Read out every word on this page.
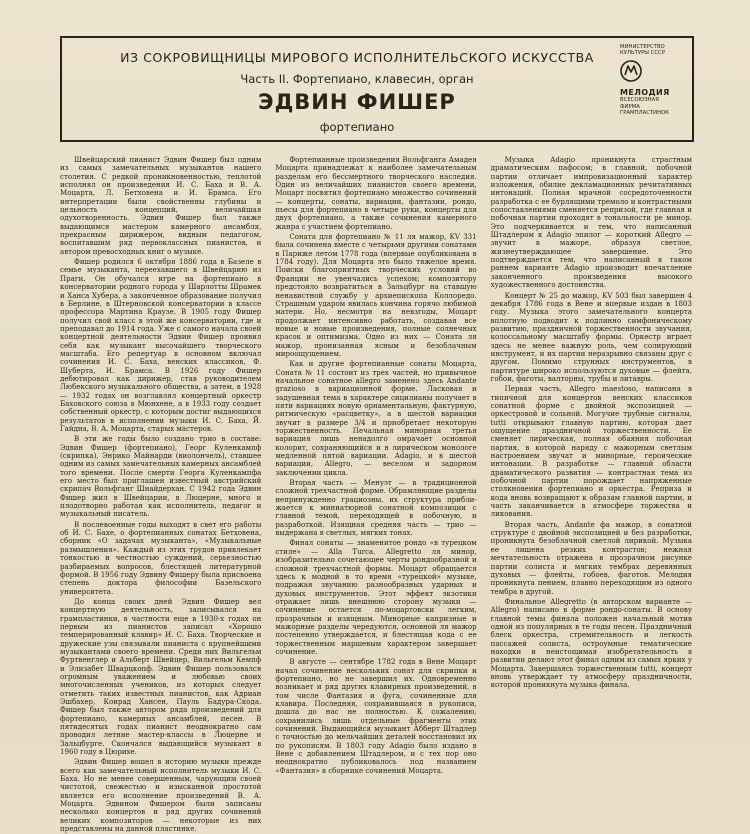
ИЗ СОКРОВИЩНИЦЫ МИРОВОГО ИСПОЛНИТЕЛЬСКОГО ИСКУССТВА
Часть II. Фортепиано, клавесин, орган
ЭДВИН ФИШЕР
фортепиано
МИНИСТЕРСТВО
КУЛЬТУРЫ СССР
МЕЛОДИЯ
ВСЕСОЮЗНАЯ
ФИРМА
ГРАМПЛАСТИНОК

Швейцарский пианист Эдвин Фишер был одним из самых замечательных музыкантов нашего столетия. С редкой проникновенностью, теплотой исполнял он произведения И. С. Баха и В. А. Моцарта, Л. Бетховена и И. Брамса. Его интерпретации были свойственны глубины и цельность концепций, величайшая одухотворенность. Эдвин Фишер был также выдающимся мастером камерного ансамбля, прекрасным дирижером, видным педагогом, воспитавшим ряд первоклассных пианистов, и автором превосходных книг о музыке.

Фишер родился 6 октября 1886 года в Базеле в семье музыканта, переехавшего в Швейцарию из Праги. Он обучался игре на фортепиано в консерватории родного города у Шарлотты Шрамек и Ханса Хубера, а законченное образование получил в Берлине, в Штерновской консерватории в классе профессора Мартина Краузе. В 1905 году Фишер получил свой класс в этой же консерватории, где и преподавал до 1914 года. Уже с самого начала своей концертной деятельности Эдвин Фишер проявил себя как музыкант высочайшего творческого масштаба. Его репертуар в основном включал сочинения И. С. Баха, венских классиков, Ф. Шуберта, И. Брамса. В 1926 году Фишер дебютировал как дирижер, став руководителем Любекского музыкального общества, а затем, в 1928 — 1932 годах он возглавлял концертный оркестр Баховского союза в Мюнхене, а в 1933 году создает собственный оркестр, с которым достиг выдающихся результатов в исполнении музыки И. С. Баха, Й. Гайдна, В. А. Моцарта, старых мастеров.

В эти же годы было создано трио в составе: Эдвин Фишер (фортепиано), Георг Куленкампф (скрипка), Энрико Майнарди (виолончель), ставшее одним из самых замечательных камерных ансамблей того времени. После смерти Георга Куленкампфа его место был приглашен известный австрийский скрипач Вольфганг Шнайдерхан. С 1942 года Эдвин Фишер жил в Швейцарии, в Люцерне, много и плодотворно работая как исполнитель, педагог и музыкальный писатель.

В послевоенные годы выходят в свет его работы об И. С. Бахе, о фортепианных сонатах Бетховена, сборник «О задачах музыканта», «Музыкальные размышления». Каждый из этих трудов привлекает тонкостью и честностью суждений, серьезностью разбираемых вопросов, блестящей литературной формой. В 1956 году Эдвину Фишеру была присвоена степень доктора философии Базельского университета.

До конца своих дней Эдвин Фишер вел концертную деятельность, записывался на грампластинки, в частности еще в 1930-х годах он первым из пианистов записал «Хорошо темперированный клавир» И. С. Баха. Творческие и дружеские узы связывали пианиста с крупнейшими музыкантами своего времени. Среди них Вильгельм Фуртвенглер и Альберт Швейцер, Вильгельм Кемпф и Элизабет Шварцкопф. Эдвин Фишер пользовался огромным уважением и любовью своих многочисленных учеников, из которых следует отметить таких известных пианистов, как Адриан Эшбахер, Конрад Хансен, Пауль Бадура-Скода. Фишер был также автором ряда произведений для фортепиано, камерных ансамблей, песен. В пятидесятых годах пианист неоднократно сам проводил летние мастер-классы в Люцерне и Зальцбурге. Скончался выдающийся музыкант в 1960 году в Цюрихе.

Эдвин Фишер вошел в историю музыки прежде всего как замечательный исполнитель музыки И. С. Баха. Но не менее совершенным, чарующим своей чистотой, свежестью и изысканной простотой является его исполнение произведений В. А. Моцарта. Эдвином Фишером были записаны несколько концертов и ряд других сочинений великих композиторов — некоторые из них представлены на данной пластинке.

Фортепианные произведения Вольфганга Амадея Моцарта принадлежат к наиболее замечательным разделам его бессмертного творческого наследия. Один из величайших пианистов своего времени, Моцарт посвятил фортепиано множество сочинений — концерты, сонаты, вариации, фантазии, рондо, пьесы для фортепиано в четыре руки, концерты для двух фортепиано, а также сочинения камерного жанра с участием фортепиано.

Соната для фортепиано № 11 ля мажор, KV 331 была сочинена вместе с четырьмя другими сонатами в Париже летом 1778 года (впервые опубликована в 1784 году). Для Моцарта это было тяжелое время. Поиски благоприятных творческих условий во Франции не увенчались успехом; композитору предстояло возвратиться в Зальцбург на ставшую ненавистной службу у архиепископа Коллоредо. Страшным ударом явилась кончина горячо любимой матери. Но, несмотря на невзгоды, Моцарт продолжает интенсивно работать, создавая все новые и новые произведения, полные солнечных красок и оптимизма. Одно из них — Соната ля мажор, пронизанная ясным и безоблачным мироощущением.

Как и другие фортепианные сонаты Моцарта, Соната № 11 состоит из трех частей, но привычное начальное сонатное allegro заменено здесь Andante grazioso в вариационной форме. Ласковая и задушевная тема в характере сицилианы получает в пяти вариациях новую орнаментальную, фактурную, ритмическую «расцветку», а в шестой вариации звучит в размере 3/4 и приобретает некоторую торжественность. Печальная минорная третья вариация лишь ненадолго омрачает основной колорит, сохраняющийся и в лирическом монологе медленной пятой вариации. Adagio, и в шестой вариации, Allegro, — веселом и задорном заключении цикла.

Вторая часть — Менуэт — в традиционной сложной трехчастной форме. Обрамляющие разделы непринужденно грациозны, их структура приближается к миниатюрной сонатной композиции с главной темой, переходящей в побочную, и разработкой. Изящная средняя часть — трио — выдержана в светлых, мягких тонах.

Финал сонаты — знаменитое рондо «в турецком стиле» — Alla Turca. Allegretto ля минор, изобразительно сочетающее черты рондообразной и сложной трехчастной формы. Моцарт обращается здесь к модной в то время «турецкой» музыке, подражая звучанию разнообразных ударных и духовых инструментов. Этот эффект экзотики отражает лишь внешнюю сторону музыки — сочинение остается по-моцартовски легким, прозрачным и изящным. Минорные капризные и мажорные разделы чередуются, основной ля мажор постепенно утверждается, и блестящая кода с ее торжественным маршевым характером завершает сочинение.

В августе — сентябре 1782 года в Вене Моцарт начал сочинение нескольких сонат для скрипки и фортепиано, но не завершил их. Одновременно возникает и ряд других клавирных произведений, в том числе Фантазия и фуга, сочиненные для клавира. Последняя, сохранившаяся в рукописи, дошла до нас не полностью. К сожалению, сохранились лишь отдельные фрагменты этих сочинений. Выдающийся музыкант Абберт Штадлер с точностью до мельчайших деталей восстановил их по рукописям. В 1803 году Adagio было издано в Вене с добавлением Штадлером, и с тех пор оно неоднократно публиковалось под названием «Фантазия» в сборнике сочинений Моцарта.

Музыка Adagio проникнута страстным драматическим пафосом; в главной, побочной партии отличает импровизационный характер изложения, обилие декламационных речитативных интонаций. Полная мрачной сосредоточенности разработка с ее бурлящими тремоло и контрастными сопоставлениями сменяется репризой, где главная и побочная партии проходят в тональности ре минор. Это подчеркивается и тем, что написанный Штадлером к Adagio эпилог — короткий Allegro — звучит в мажоре, образуя светлое, жизнеутверждающее завершение. Это подтверждается тем, что написанный в таком раннем варианте Adagio производит впечатление законченного произведения высокого художественного достоинства.

Концерт № 25 до мажор, KV 503 был завершен 4 декабря 1786 года в Вене и впервые издан в 1803 году. Музыка этого замечательного концерта вплотную подводит к подлинно симфоническому развитию, праздничной торжественности звучания, колоссальному масштабу формы. Оркестр играет здесь не менее важную роль, чем солирующий инструмент, и их партии неразрывно связаны друг с другом. Помимо струнных инструментов, в партитуре широко используются духовые — флейта, гобои, фаготы, валторны, трубы и литавры.

Первая часть, Allegro maestoso, написана в типичной для концертов венских классиков сонатной форме с двойной экспозицией — оркестровой и сольной. Могучие трубные сигналы, tutti открывают главную партию, которая дает ощущение праздничной торжественности. Ее сменяет лирическая, полная обаяния побочная партия, в которой наряду с мажорным светлым настроением звучат и минорные, героические интонации. В разработке — главной области драматического развития — контрастная тема из побочной партии порождает напряженные столкновения фортепиано и оркестра. Реприза и кода вновь возвращают к образам главной партии, и часть заканчивается в атмосфере торжества и ликования.

Вторая часть, Andante фа мажор, в сонатной структуре с двойной экспозицией и без разработки, проникнута безоблачной светлой лирикой. Музыка ее лишена резких контрастов; нежная мечтательность отражена в прозрачном рисунке партии солиста и мягких тембрах деревянных духовых — флейты, гобоев, фаготов. Мелодия проникнута пением, плавно переходящим из одного тембра в другой.

Финальное Allegretto (в авторском варианте — Allegro) написано в форме рондо-сонаты. В основу главной темы финала положен начальный мотив одной из популярных в те годы песен. Праздничный блеск оркестра, стремительность и легкость пассажей солиста, остроумные тематические находки и неистощимая изобретательность в развитии делают этот финал одним из самых ярких у Моцарта. Завершаясь торжественным tutti, концерт вновь утверждает ту атмосферу праздничности, которой проникнута музыка финала.
